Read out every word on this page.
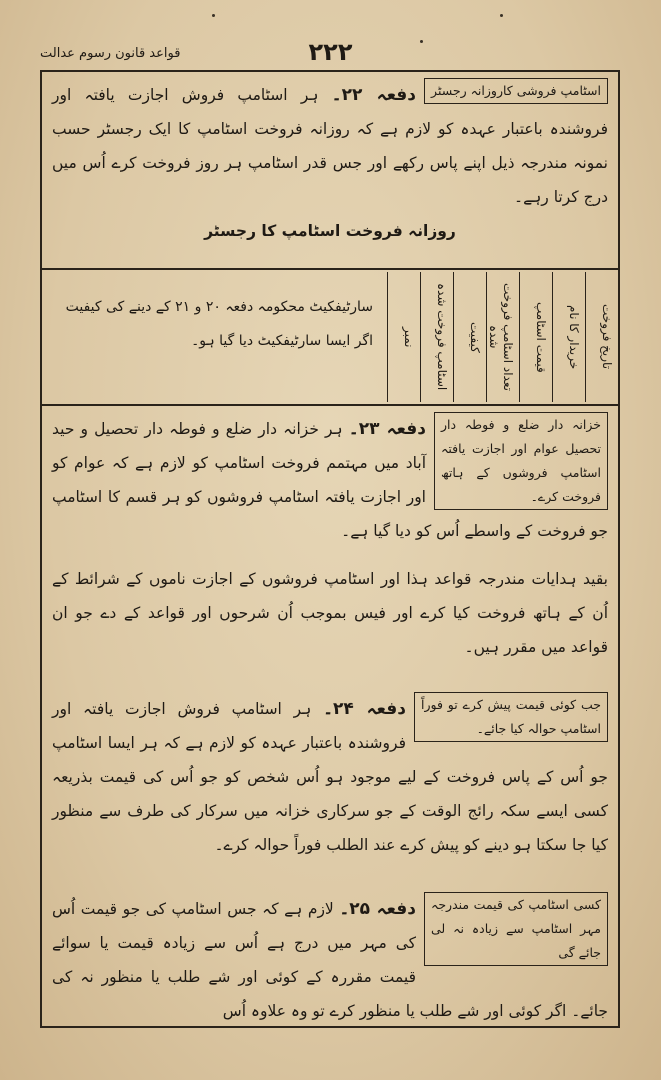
قواعد قانون رسوم عدالت	۲۲۲
اسٹامپ فروشی کاروزانہ رجسٹر
دفعہ ۲۲۔ ہر اسٹامپ فروش اجازت یافتہ اور فروشندہ باعتبار عہدہ کو لازم ہے کہ روزانہ فروخت اسٹامپ کا ایک رجسٹر حسب نمونہ مندرجہ ذیل اپنے پاس رکھے اور جس قدر اسٹامپ ہر روز فروخت کرے اُس میں درج کرتا رہے۔
روزانہ فروخت اسٹامپ کا رجسٹر
تاریخ فروخت
خریدار کا نام
قیمت اسٹامپ
تعداد اسٹامپ فروخت شدہ
کیفیت
اسٹامپ فروخت شدہ
نمبر
سارٹیفکیٹ محکومہ دفعہ ۲۰ و ۲۱ کے دینے کی کیفیت اگر ایسا سارٹیفکیٹ دیا گیا ہو۔
خزانہ دار ضلع و فوطہ دار تحصیل عوام اور اجازت یافتہ اسٹامپ فروشوں کے ہاتھ فروخت کرے۔
دفعہ ۲۳۔ ہر خزانہ دار ضلع و فوطہ دار تحصیل و حید آباد میں مہتمم فروخت اسٹامپ کو لازم ہے کہ عوام کو اور اجازت یافتہ اسٹامپ فروشوں کو ہر قسم کا اسٹامپ جو فروخت کے واسطے اُس کو دیا گیا ہے۔
بقید ہدایات مندرجہ قواعد ہذا اور اسٹامپ فروشوں کے اجازت ناموں کے شرائط کے اُن کے ہاتھ فروخت کیا کرے اور فیس بموجب اُن شرحوں اور قواعد کے دے جو ان قواعد میں مقرر ہیں۔
جب کوئی قیمت پیش کرے تو فوراً اسٹامپ حوالہ کیا جائے۔
دفعہ ۲۴۔ ہر اسٹامپ فروش اجازت یافتہ اور فروشندہ باعتبار عہدہ کو لازم ہے کہ ہر ایسا اسٹامپ جو اُس کے پاس فروخت کے لیے موجود ہو اُس شخص کو جو اُس کی قیمت بذریعہ کسی ایسے سکہ رائج الوقت کے جو سرکاری خزانہ میں سرکار کی طرف سے منظور کیا جا سکتا ہو دینے کو پیش کرے عند الطلب فوراً حوالہ کرے۔
کسی اسٹامپ کی قیمت مندرجہ مہر اسٹامپ سے زیادہ نہ لی جائے گی
دفعہ ۲۵۔ لازم ہے کہ جس اسٹامپ کی جو قیمت اُس کی مہر میں درج ہے اُس سے زیادہ قیمت یا سوائے قیمت مقررہ کے کوئی اور شے طلب یا منظور نہ کی جائے۔ اگر کوئی اور شے طلب یا منظور کرے تو وہ علاوہ اُس
